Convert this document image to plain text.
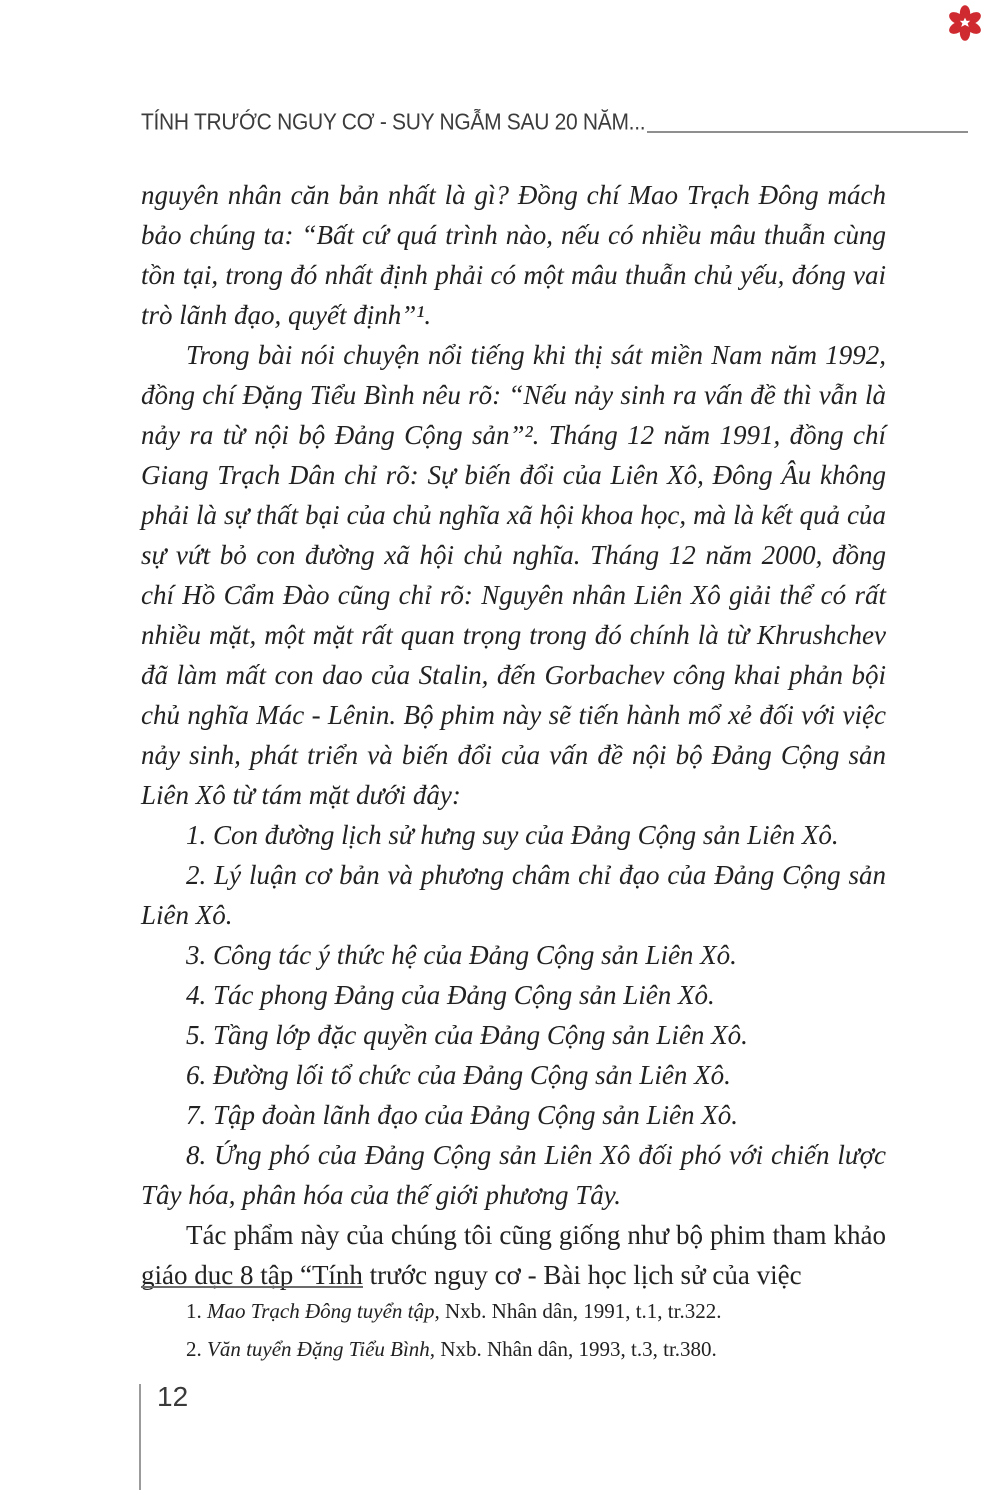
TÍNH TRƯỚC NGUY CƠ - SUY NGẪM SAU 20 NĂM...

nguyên nhân căn bản nhất là gì? Đồng chí Mao Trạch Đông mách bảo chúng ta: “Bất cứ quá trình nào, nếu có nhiều mâu thuẫn cùng tồn tại, trong đó nhất định phải có một mâu thuẫn chủ yếu, đóng vai trò lãnh đạo, quyết định”¹.

Trong bài nói chuyện nổi tiếng khi thị sát miền Nam năm 1992, đồng chí Đặng Tiểu Bình nêu rõ: “Nếu nảy sinh ra vấn đề thì vẫn là nảy ra từ nội bộ Đảng Cộng sản”². Tháng 12 năm 1991, đồng chí Giang Trạch Dân chỉ rõ: Sự biến đổi của Liên Xô, Đông Âu không phải là sự thất bại của chủ nghĩa xã hội khoa học, mà là kết quả của sự vứt bỏ con đường xã hội chủ nghĩa. Tháng 12 năm 2000, đồng chí Hồ Cẩm Đào cũng chỉ rõ: Nguyên nhân Liên Xô giải thể có rất nhiều mặt, một mặt rất quan trọng trong đó chính là từ Khrushchev đã làm mất con dao của Stalin, đến Gorbachev công khai phản bội chủ nghĩa Mác - Lênin. Bộ phim này sẽ tiến hành mổ xẻ đối với việc nảy sinh, phát triển và biến đổi của vấn đề nội bộ Đảng Cộng sản Liên Xô từ tám mặt dưới đây:

1. Con đường lịch sử hưng suy của Đảng Cộng sản Liên Xô.

2. Lý luận cơ bản và phương châm chỉ đạo của Đảng Cộng sản Liên Xô.

3. Công tác ý thức hệ của Đảng Cộng sản Liên Xô.

4. Tác phong Đảng của Đảng Cộng sản Liên Xô.

5. Tầng lớp đặc quyền của Đảng Cộng sản Liên Xô.

6. Đường lối tổ chức của Đảng Cộng sản Liên Xô.

7. Tập đoàn lãnh đạo của Đảng Cộng sản Liên Xô.

8. Ứng phó của Đảng Cộng sản Liên Xô đối phó với chiến lược Tây hóa, phân hóa của thế giới phương Tây.

Tác phẩm này của chúng tôi cũng giống như bộ phim tham khảo giáo dục 8 tập “Tính trước nguy cơ - Bài học lịch sử của việc

1. Mao Trạch Đông tuyển tập, Nxb. Nhân dân, 1991, t.1, tr.322.

2. Văn tuyển Đặng Tiểu Bình, Nxb. Nhân dân, 1993, t.3, tr.380.

12
